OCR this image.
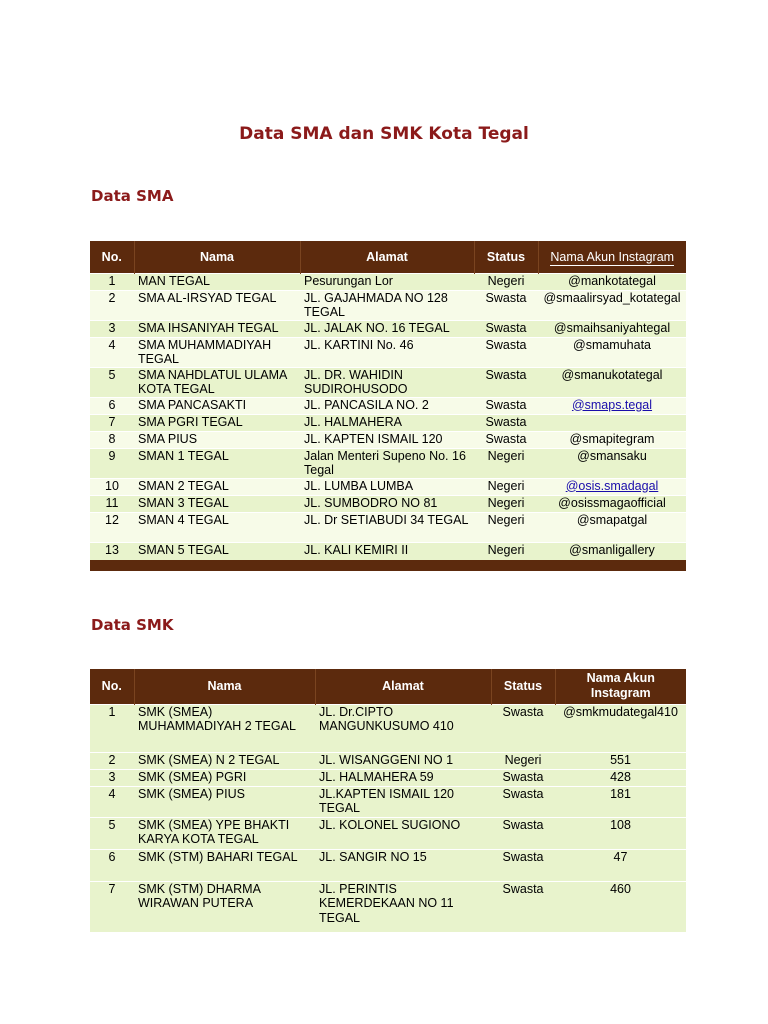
Data SMA dan SMK Kota Tegal
Data SMA
No.	Nama	Alamat	Status	Nama Akun Instagram
1	MAN TEGAL	Pesurungan Lor	Negeri	@mankotategal
2	SMA AL-IRSYAD TEGAL	JL. GAJAHMADA NO 128 TEGAL	Swasta	@smaalirsyad_kotategal
3	SMA IHSANIYAH TEGAL	JL. JALAK NO. 16 TEGAL	Swasta	@smaihsaniyahtegal
4	SMA MUHAMMADIYAH TEGAL	JL. KARTINI No. 46	Swasta	@smamuhata
5	SMA NAHDLATUL ULAMA KOTA TEGAL	JL. DR. WAHIDIN SUDIROHUSODO	Swasta	@smanukotategal
6	SMA PANCASAKTI	JL. PANCASILA NO. 2	Swasta	@smaps.tegal
7	SMA PGRI TEGAL	JL. HALMAHERA	Swasta	
8	SMA PIUS	JL. KAPTEN ISMAIL 120	Swasta	@smapitegram
9	SMAN 1 TEGAL	Jalan Menteri Supeno No. 16 Tegal	Negeri	@smansaku
10	SMAN 2 TEGAL	JL. LUMBA LUMBA	Negeri	@osis.smadagal
11	SMAN 3 TEGAL	JL. SUMBODRO NO 81	Negeri	@osissmagaofficial
12	SMAN 4 TEGAL	JL. Dr SETIABUDI 34 TEGAL	Negeri	@smapatgal
13	SMAN 5 TEGAL	JL. KALI KEMIRI II	Negeri	@smanligallery

Data SMK
No.	Nama	Alamat	Status	Nama Akun Instagram
1	SMK (SMEA) MUHAMMADIYAH 2 TEGAL	JL. Dr.CIPTO MANGUNKUSUMO 410	Swasta	@smkmudategal410
2	SMK (SMEA) N 2 TEGAL	JL. WISANGGENI NO 1	Negeri	551
3	SMK (SMEA) PGRI	JL. HALMAHERA 59	Swasta	428
4	SMK (SMEA) PIUS	JL.KAPTEN ISMAIL 120 TEGAL	Swasta	181
5	SMK (SMEA) YPE BHAKTI KARYA KOTA TEGAL	JL. KOLONEL SUGIONO	Swasta	108
6	SMK (STM) BAHARI TEGAL	JL. SANGIR NO 15	Swasta	47
7	SMK (STM) DHARMA WIRAWAN PUTERA	JL. PERINTIS KEMERDEKAAN NO 11 TEGAL	Swasta	460
